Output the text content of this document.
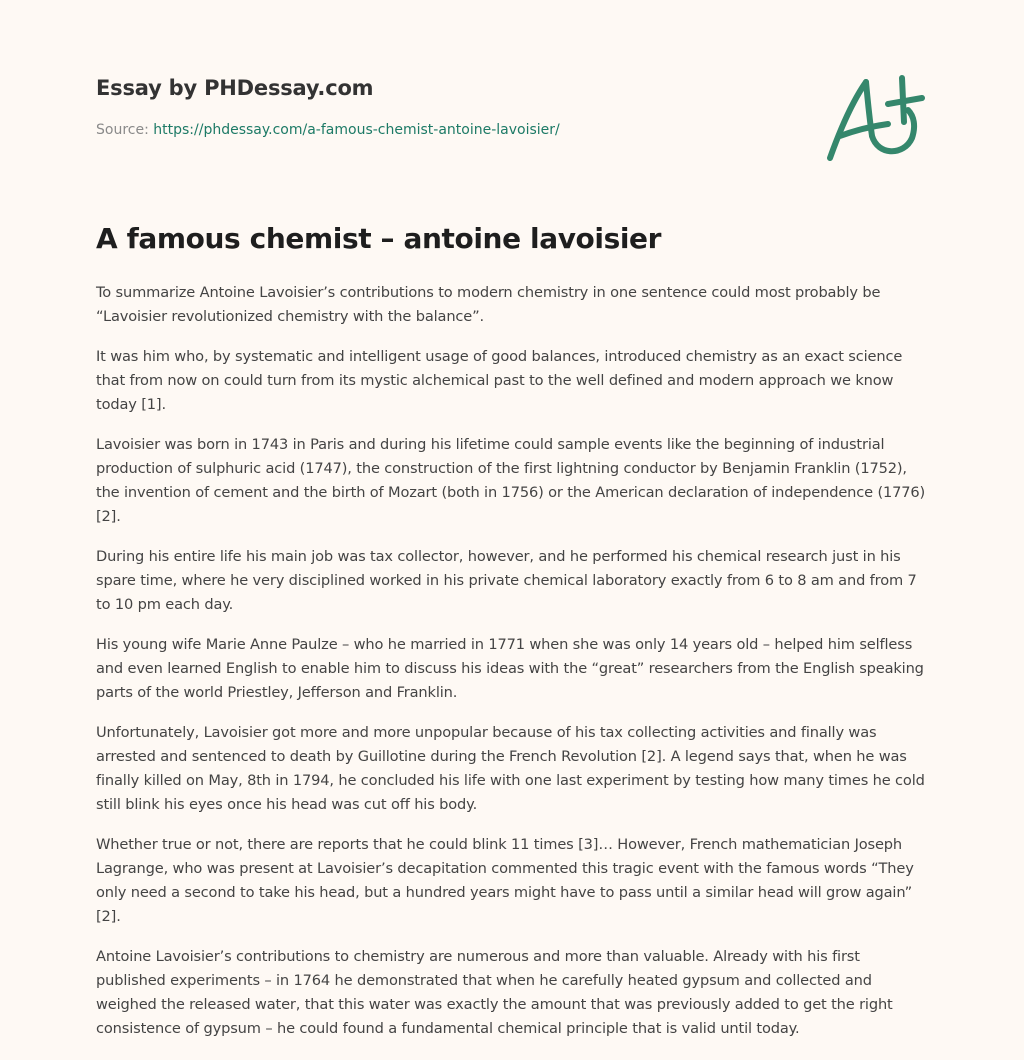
Essay by PHDessay.com
Source: https://phdessay.com/a-famous-chemist-antoine-lavoisier/
A famous chemist – antoine lavoisier

To summarize Antoine Lavoisier’s contributions to modern chemistry in one sentence could most probably be “Lavoisier revolutionized chemistry with the balance”.

It was him who, by systematic and intelligent usage of good balances, introduced chemistry as an exact science that from now on could turn from its mystic alchemical past to the well defined and modern approach we know today [1].

Lavoisier was born in 1743 in Paris and during his lifetime could sample events like the beginning of industrial production of sulphuric acid (1747), the construction of the first lightning conductor by Benjamin Franklin (1752), the invention of cement and the birth of Mozart (both in 1756) or the American declaration of independence (1776) [2].

During his entire life his main job was tax collector, however, and he performed his chemical research just in his spare time, where he very disciplined worked in his private chemical laboratory exactly from 6 to 8 am and from 7 to 10 pm each day.

His young wife Marie Anne Paulze – who he married in 1771 when she was only 14 years old – helped him selfless and even learned English to enable him to discuss his ideas with the “great” researchers from the English speaking parts of the world Priestley, Jefferson and Franklin.

Unfortunately, Lavoisier got more and more unpopular because of his tax collecting activities and finally was arrested and sentenced to death by Guillotine during the French Revolution [2]. A legend says that, when he was finally killed on May, 8th in 1794, he concluded his life with one last experiment by testing how many times he cold still blink his eyes once his head was cut off his body.

Whether true or not, there are reports that he could blink 11 times [3]… However, French mathematician Joseph Lagrange, who was present at Lavoisier’s decapitation commented this tragic event with the famous words “They only need a second to take his head, but a hundred years might have to pass until a similar head will grow again” [2].

Antoine Lavoisier’s contributions to chemistry are numerous and more than valuable. Already with his first published experiments – in 1764 he demonstrated that when he carefully heated gypsum and collected and weighed the released water, that this water was exactly the amount that was previously added to get the right consistence of gypsum – he could found a fundamental chemical principle that is valid until today.
